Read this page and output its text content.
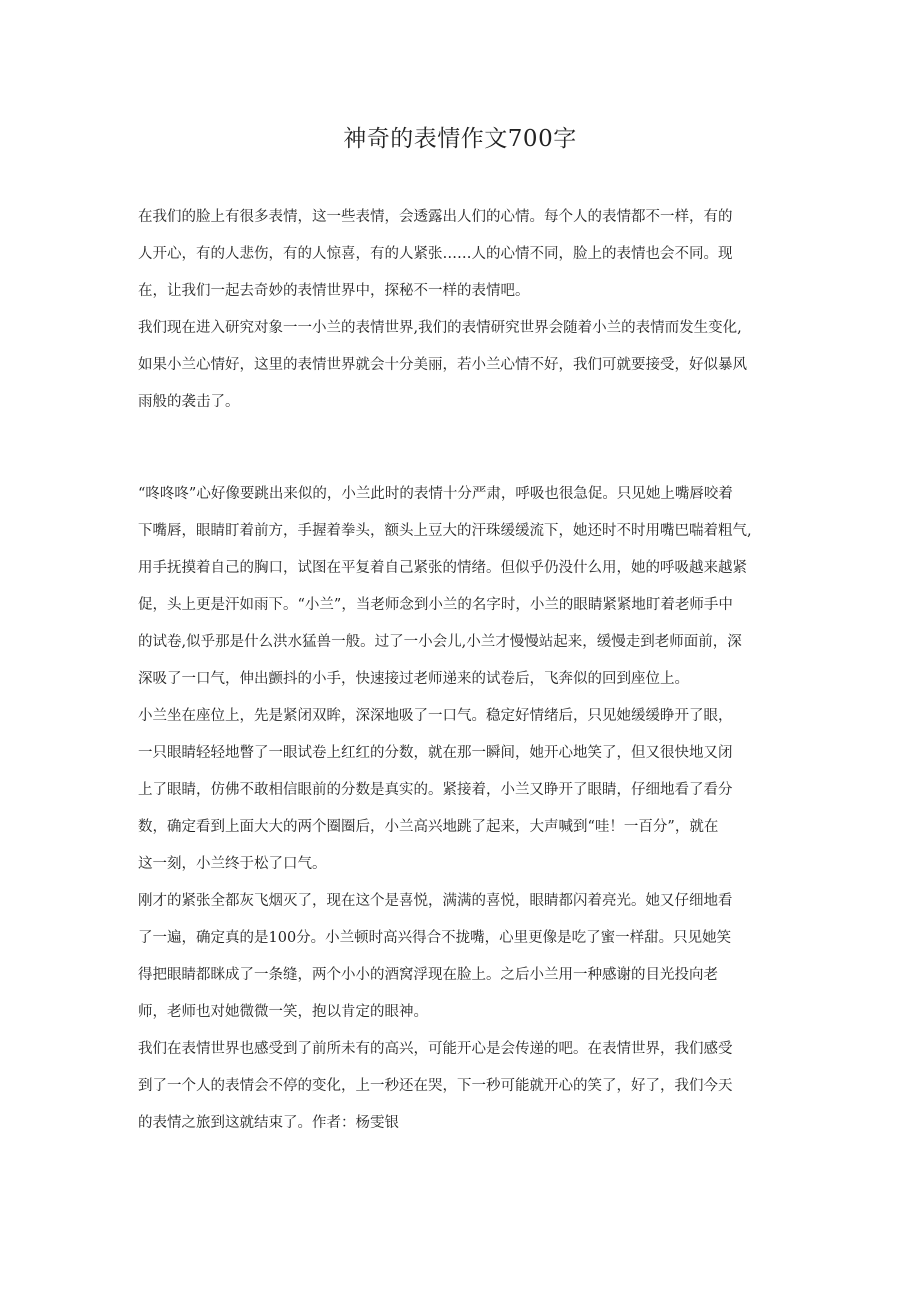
神奇的表情作文700字
在我们的脸上有很多表情，这一些表情，会透露出人们的心情。每个人的表情都不一样，有的
人开心，有的人悲伤，有的人惊喜，有的人紧张……人的心情不同，脸上的表情也会不同。现
在，让我们一起去奇妙的表情世界中，探秘不一样的表情吧。
我们现在进入研究对象一一小兰的表情世界,我们的表情研究世界会随着小兰的表情而发生变化,
如果小兰心情好，这里的表情世界就会十分美丽，若小兰心情不好，我们可就要接受，好似暴风
雨般的袭击了。
“咚咚咚”心好像要跳出来似的，小兰此时的表情十分严肃，呼吸也很急促。只见她上嘴唇咬着
下嘴唇，眼睛盯着前方，手握着拳头，额头上豆大的汗珠缓缓流下，她还时不时用嘴巴喘着粗气,
用手抚摸着自己的胸口，试图在平复着自己紧张的情绪。但似乎仍没什么用，她的呼吸越来越紧
促，头上更是汗如雨下。“小兰”，当老师念到小兰的名字时，小兰的眼睛紧紧地盯着老师手中
的试卷,似乎那是什么洪水猛兽一般。过了一小会儿,小兰才慢慢站起来，缓慢走到老师面前，深
深吸了一口气，伸出颤抖的小手，快速接过老师递来的试卷后，飞奔似的回到座位上。
小兰坐在座位上，先是紧闭双眸，深深地吸了一口气。稳定好情绪后，只见她缓缓睁开了眼，
一只眼睛轻轻地瞥了一眼试卷上红红的分数，就在那一瞬间，她开心地笑了，但又很快地又闭
上了眼睛，仿佛不敢相信眼前的分数是真实的。紧接着，小兰又睁开了眼睛，仔细地看了看分
数，确定看到上面大大的两个圈圈后，小兰高兴地跳了起来，大声喊到“哇！一百分”，就在
这一刻，小兰终于松了口气。
刚才的紧张全都灰飞烟灭了，现在这个是喜悦，满满的喜悦，眼睛都闪着亮光。她又仔细地看
了一遍，确定真的是100分。小兰顿时高兴得合不拢嘴，心里更像是吃了蜜一样甜。只见她笑
得把眼睛都眯成了一条缝，两个小小的酒窝浮现在脸上。之后小兰用一种感谢的目光投向老
师，老师也对她微微一笑，抱以肯定的眼神。
我们在表情世界也感受到了前所未有的高兴，可能开心是会传递的吧。在表情世界，我们感受
到了一个人的表情会不停的变化，上一秒还在哭，下一秒可能就开心的笑了，好了，我们今天
的表情之旅到这就结束了。作者：杨雯银
